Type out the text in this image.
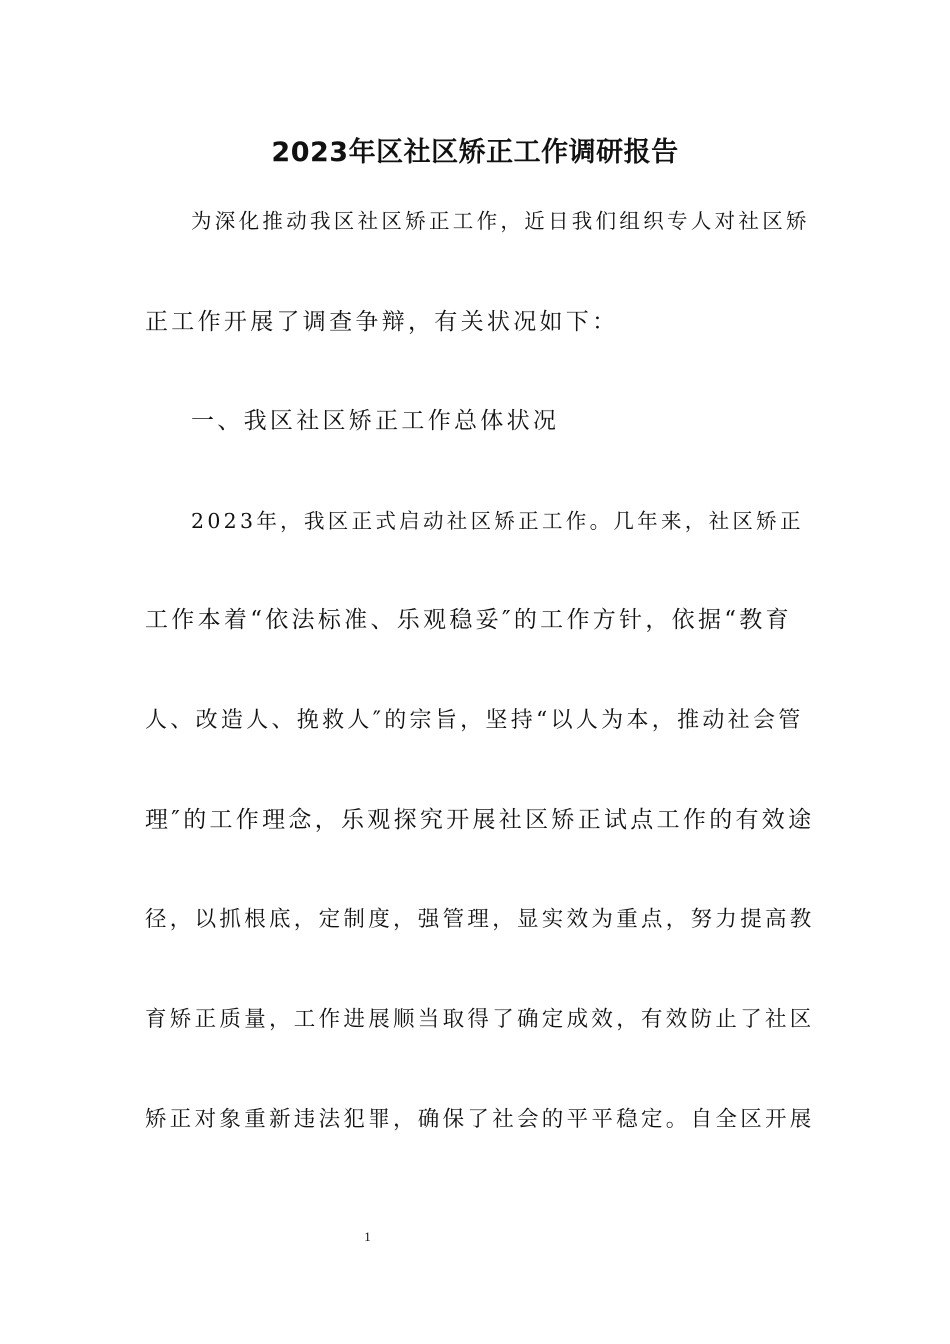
2023年区社区矫正工作调研报告
为深化推动我区社区矫正工作，近日我们组织专人对社区矫
正工作开展了调查争辩，有关状况如下：
一、我区社区矫正工作总体状况
2023年，我区正式启动社区矫正工作。几年来，社区矫正
工作本着“依法标准、乐观稳妥″的工作方针，依据“教育
人、改造人、挽救人″的宗旨，坚持“以人为本，推动社会管
理″的工作理念，乐观探究开展社区矫正试点工作的有效途
径，以抓根底，定制度，强管理，显实效为重点，努力提高教
育矫正质量，工作进展顺当取得了确定成效，有效防止了社区
矫正对象重新违法犯罪，确保了社会的平平稳定。自全区开展
1
